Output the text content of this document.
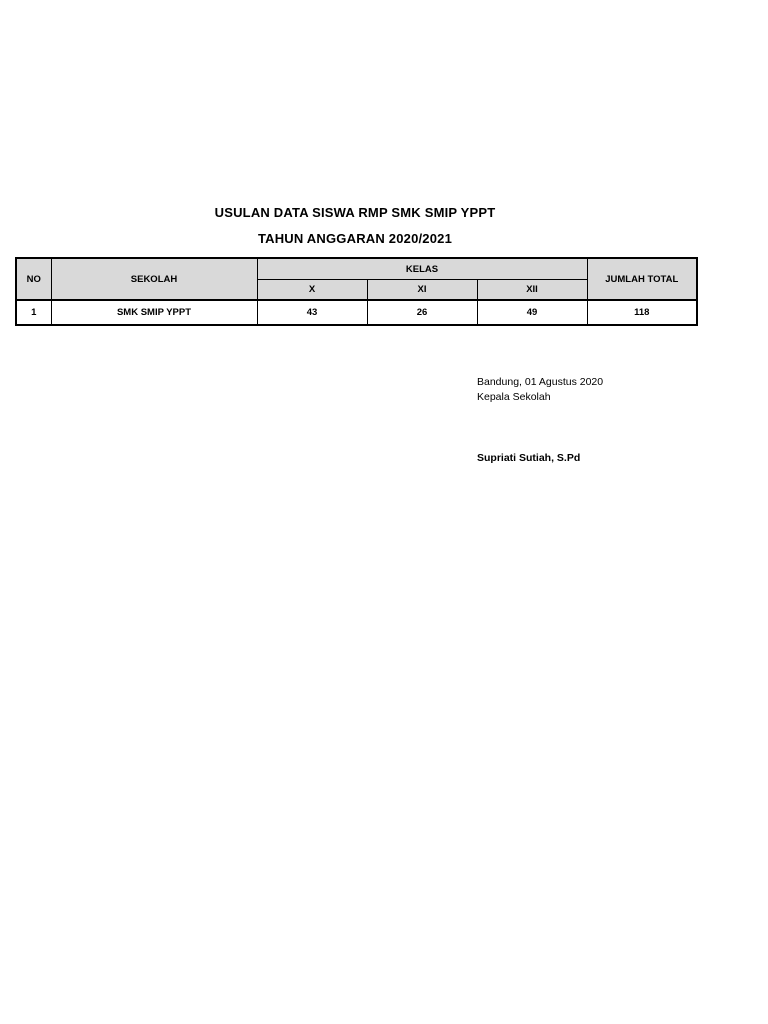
USULAN DATA SISWA RMP SMK SMIP YPPT
TAHUN ANGGARAN 2020/2021
NO	SEKOLAH	KELAS			JUMLAH TOTAL
		X	XI	XII	
1	SMK SMIP YPPT	43	26	49	118
Bandung, 01 Agustus 2020
Kepala Sekolah
Supriati Sutiah, S.Pd
